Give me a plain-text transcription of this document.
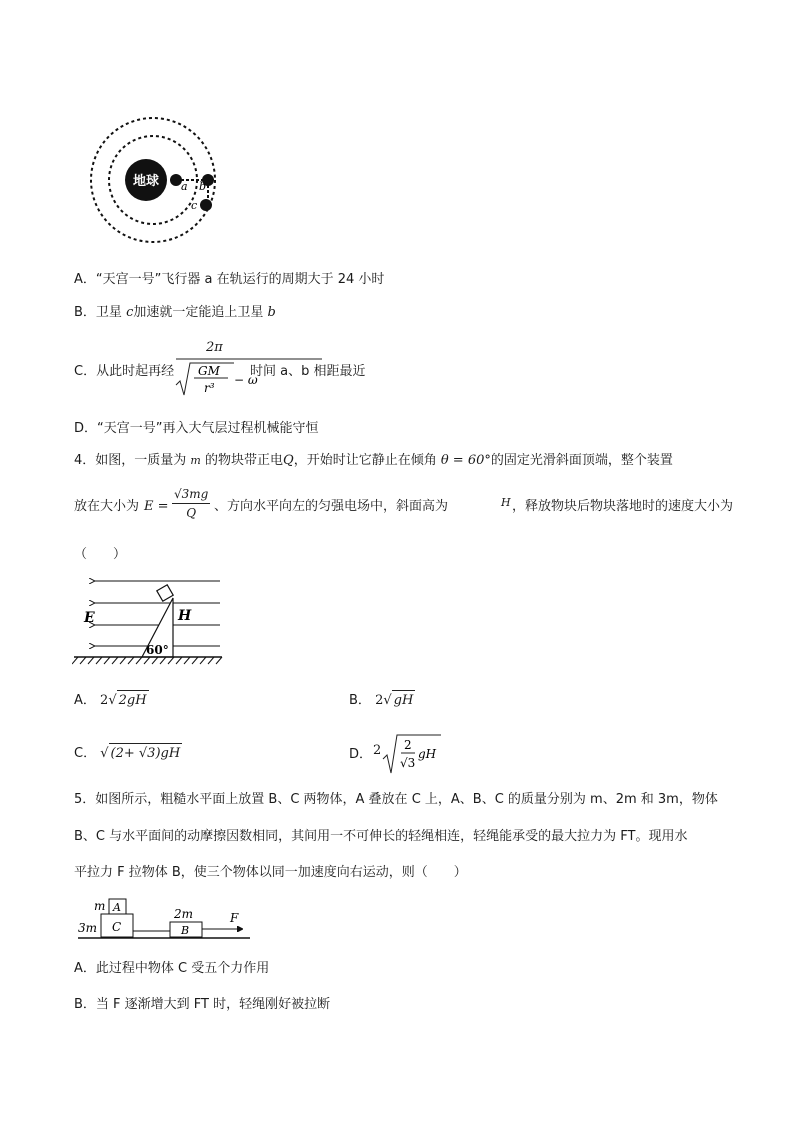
地球 a b
c
A．“天宫一号”飞行器 a 在轨运行的周期大于 24 小时
B．卫星 c加速就一定能追上卫星 b
C．从此时起再经
2π
GM
r³
− ω
时间 a、b 相距最近
D．“天宫一号”再入大气层过程机械能守恒
4．如图，一质量为 $^m$ 的物块带正电Q，开始时让它静止在倾角 θ = 60°的固定光滑斜面顶端，整个装置
放在大小为 $E = \frac{√3mg}{Q}$ 、方向水平向左的匀强电场中，斜面高为	H ，释放物块后物块落地时的速度大小为
（　　）
E	H
60°
A． 2√ 2gH	B． 2√ gH
C． √ (2+ √3)gH	D． 2 2
√3
gH
5．如图所示，粗糙水平面上放置 B、C 两物体，A 叠放在 C 上，A、B、C 的质量分别为 m、2m 和 3m，物体
B、C 与水平面间的动摩擦因数相同，其间用一不可伸长的轻绳相连，轻绳能承受的最大拉力为 FT。现用水
平拉力 F 拉物体 B，使三个物体以同一加速度向右运动，则（　　）
m A
3m C
2m
B
F
A．此过程中物体 C 受五个力作用
B．当 F 逐渐增大到 FT 时，轻绳刚好被拉断
